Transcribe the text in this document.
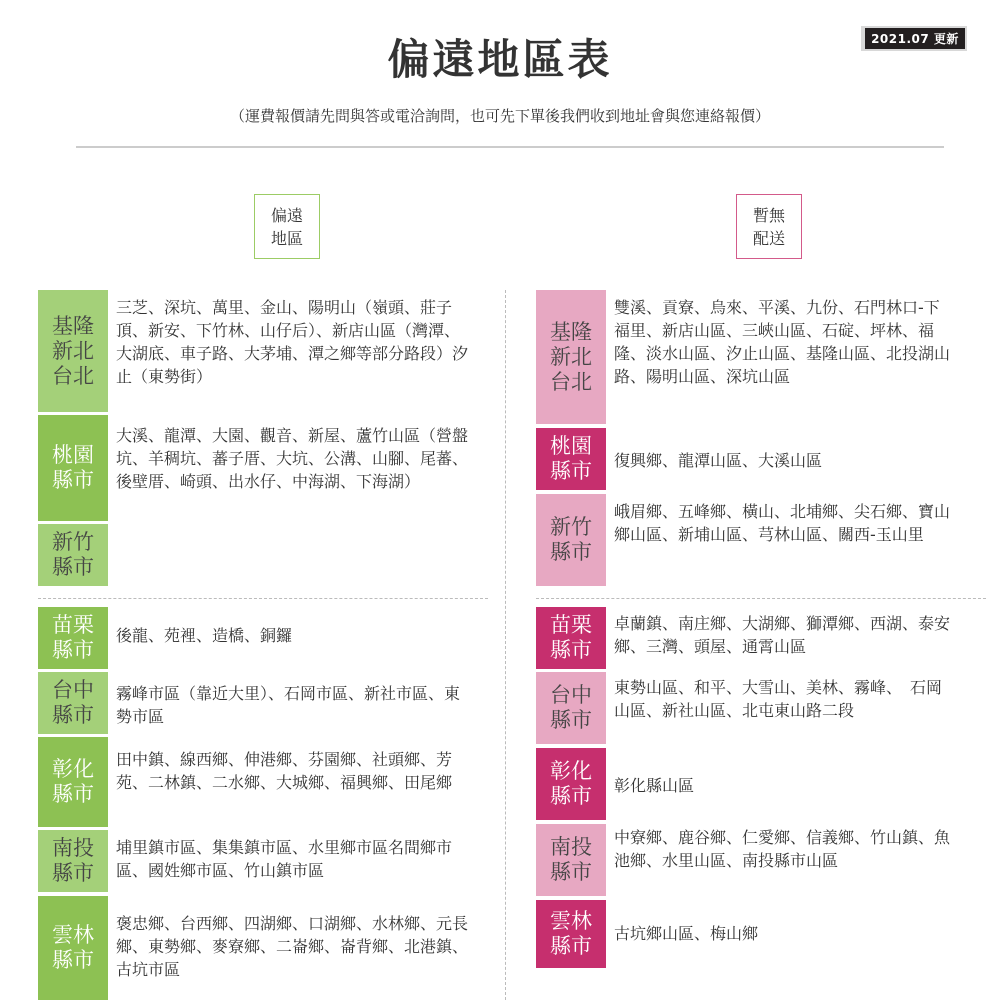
2021.07 更新
偏遠地區表

（運費報價請先問與答或電洽詢問，也可先下單後我們收到地址會與您連絡報價）

偏遠地區
暫無配送
基隆新北台北
三芝、深坑、萬里、金山、陽明山（嶺頭、莊子頂、新安、下竹林、山仔后）、新店山區（灣潭、大湖底、車子路、大茅埔、潭之鄉等部分路段）汐止（東勢街）
桃園縣市
大溪、龍潭、大園、觀音、新屋、蘆竹山區（營盤坑、羊稠坑、蕃子厝、大坑、公溝、山腳、尾蕃、後壁厝、崎頭、出水仔、中海湖、下海湖）
新竹縣市
苗栗縣市
後龍、苑裡、造橋、銅鑼
台中縣市
霧峰市區（靠近大里）、石岡市區、新社市區、東勢市區
彰化縣市
田中鎮、線西鄉、伸港鄉、芬園鄉、社頭鄉、芳苑、二林鎮、二水鄉、大城鄉、福興鄉、田尾鄉
南投縣市
埔里鎮市區、集集鎮市區、水里鄉市區名間鄉市區、國姓鄉市區、竹山鎮市區
雲林縣市
褒忠鄉、台西鄉、四湖鄉、口湖鄉、水林鄉、元長鄉、東勢鄉、麥寮鄉、二崙鄉、崙背鄉、北港鎮、古坑市區
基隆新北台北
雙溪、貢寮、烏來、平溪、九份、石門林口-下福里、新店山區、三峽山區、石碇、坪林、福隆、淡水山區、汐止山區、基隆山區、北投湖山路、陽明山區、深坑山區
桃園縣市 復興鄉、龍潭山區、大溪山區
新竹縣市
峨眉鄉、五峰鄉、橫山、北埔鄉、尖石鄉、寶山鄉山區、新埔山區、芎林山區、關西-玉山里
苗栗縣市
卓蘭鎮、南庄鄉、大湖鄉、獅潭鄉、西湖、泰安鄉、三灣、頭屋、通霄山區
台中縣市
東勢山區、和平、大雪山、美林、霧峰、　石岡山區、新社山區、北屯東山路二段
彰化縣市 彰化縣山區
南投縣市
中寮鄉、鹿谷鄉、仁愛鄉、信義鄉、竹山鎮、魚池鄉、水里山區、南投縣市山區
雲林縣市
古坑鄉山區、梅山鄉
